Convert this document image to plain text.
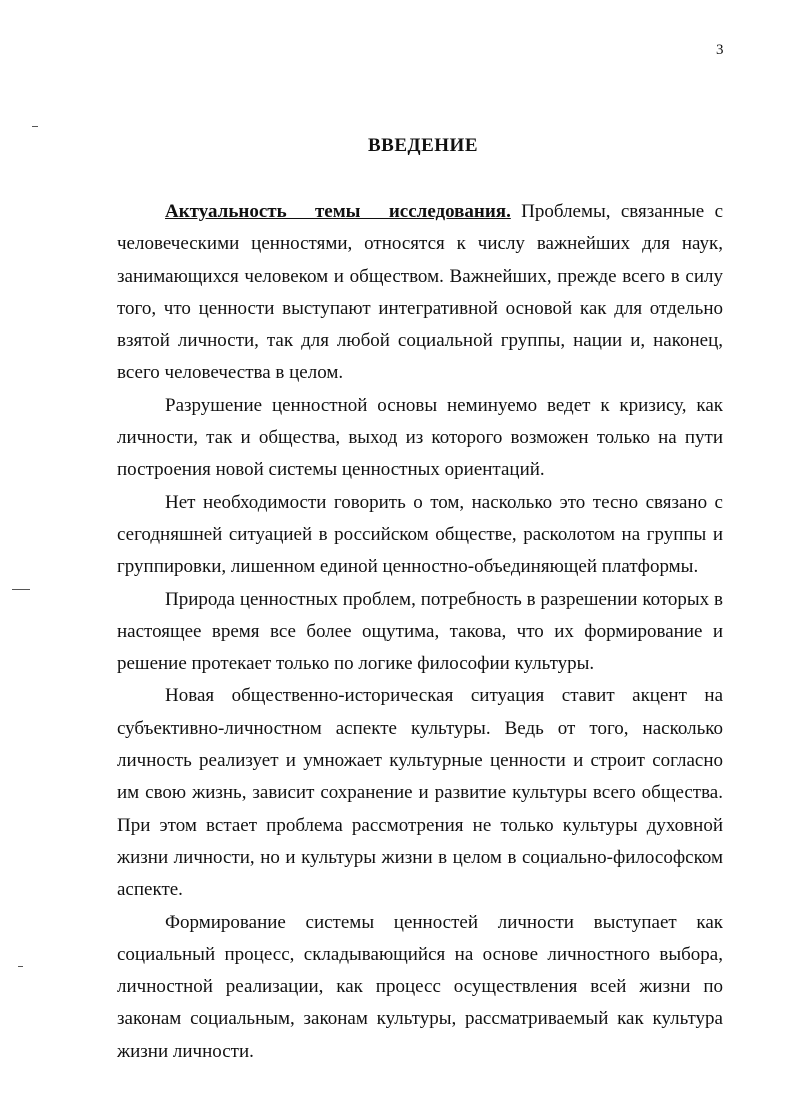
3
ВВЕДЕНИЕ

Актуальность темы исследования. Проблемы, связанные с человеческими ценностями, относятся к числу важнейших для наук, занимающихся человеком и обществом. Важнейших, прежде всего в силу того, что ценности выступают интегративной основой как для отдельно взятой личности, так для любой социальной группы, нации и, наконец, всего человечества в целом.

Разрушение ценностной основы неминуемо ведет к кризису, как личности, так и общества, выход из которого возможен только на пути построения новой системы ценностных ориентаций.

Нет необходимости говорить о том, насколько это тесно связано с сегодняшней ситуацией в российском обществе, расколотом на группы и группировки, лишенном единой ценностно-объединяющей платформы.

Природа ценностных проблем, потребность в разрешении которых в настоящее время все более ощутима, такова, что их формирование и решение протекает только по логике философии культуры.

Новая общественно-историческая ситуация ставит акцент на субъективно-личностном аспекте культуры. Ведь от того, насколько личность реализует и умножает культурные ценности и строит согласно им свою жизнь, зависит сохранение и развитие культуры всего общества. При этом встает проблема рассмотрения не только культуры духовной жизни личности, но и культуры жизни в целом в социально-философском аспекте.

Формирование системы ценностей личности выступает как социальный процесс, складывающийся на основе личностного выбора, личностной реализации, как процесс осуществления всей жизни по законам социальным, законам культуры, рассматриваемый как культура жизни личности.
